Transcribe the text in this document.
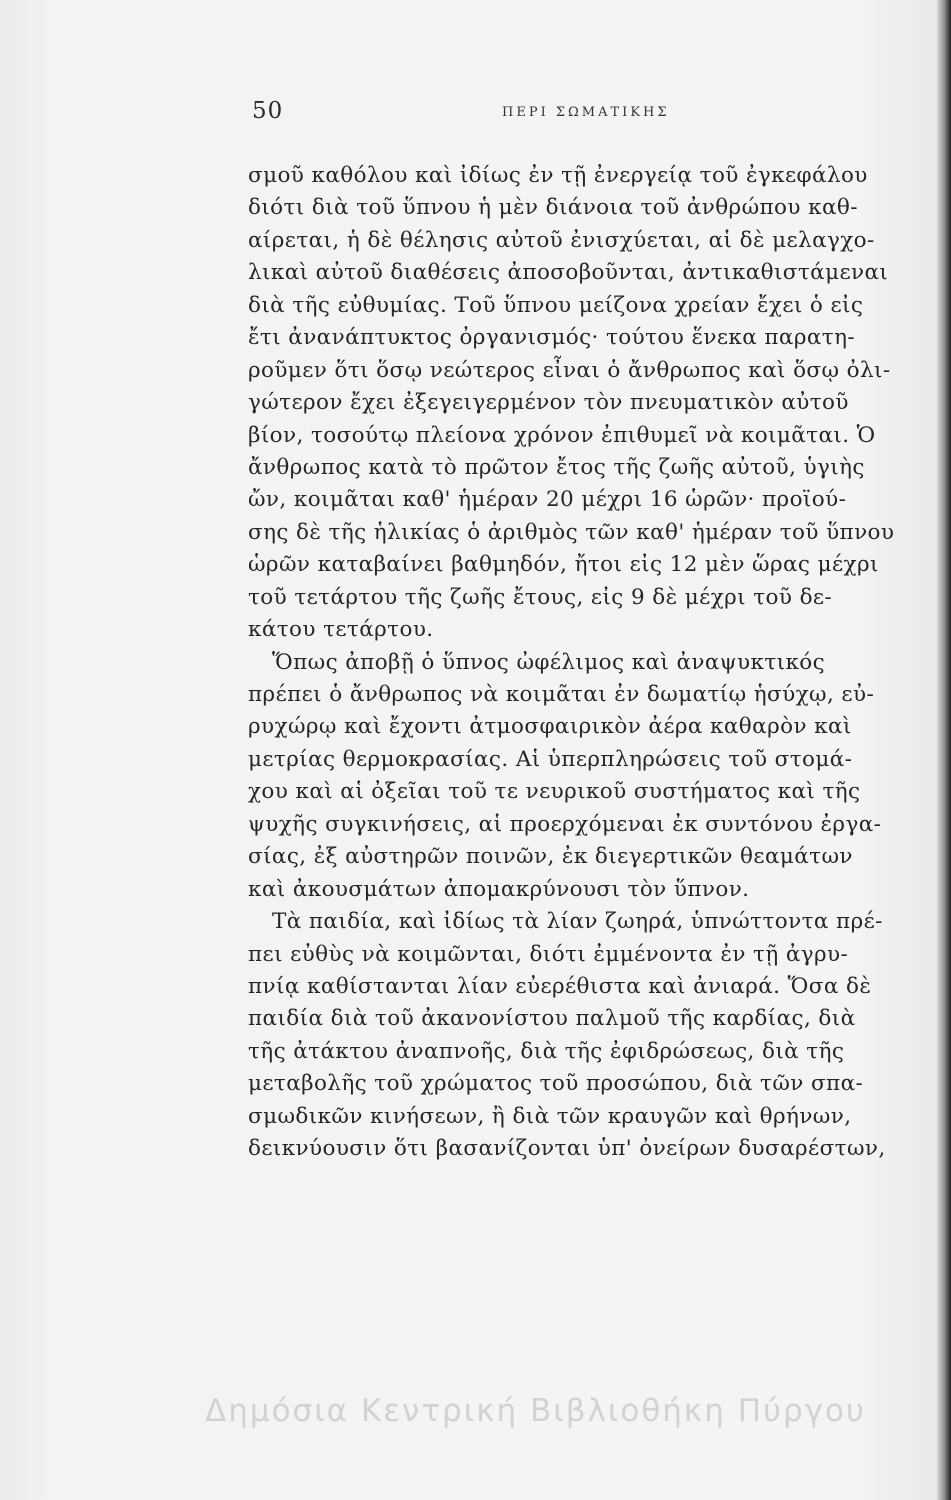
50	ΠΕΡΙ ΣΩΜΑΤΙΚΗΣ
σμοῦ καθόλου καὶ ἰδίως ἐν τῇ ἐνεργείᾳ τοῦ ἐγκεφάλου
διότι διὰ τοῦ ὕπνου ἡ μὲν διάνοια τοῦ ἀνθρώπου καθ-
αίρεται, ἡ δὲ θέλησις αὐτοῦ ἐνισχύεται, αἱ δὲ μελαγχο-
λικαὶ αὐτοῦ διαθέσεις ἀποσοβοῦνται, ἀντικαθιστάμεναι
διὰ τῆς εὐθυμίας. Τοῦ ὕπνου μείζονα χρείαν ἔχει ὁ εἰς
ἔτι ἀνανάπτυκτος ὀργανισμός· τούτου ἕνεκα παρατη-
ροῦμεν ὅτι ὅσῳ νεώτερος εἶναι ὁ ἄνθρωπος καὶ ὅσῳ ὀλι-
γώτερον ἔχει ἐξεγειγερμένον τὸν πνευματικὸν αὐτοῦ
βίον, τοσούτῳ πλείονα χρόνον ἐπιθυμεῖ νὰ κοιμᾶται. Ὁ
ἄνθρωπος κατὰ τὸ πρῶτον ἔτος τῆς ζωῆς αὐτοῦ, ὑγιὴς
ὤν, κοιμᾶται καθ' ἡμέραν 20 μέχρι 16 ὡρῶν· προϊού-
σης δὲ τῆς ἡλικίας ὁ ἀριθμὸς τῶν καθ' ἡμέραν τοῦ ὕπνου
ὡρῶν καταβαίνει βαθμηδόν, ἤτοι εἰς 12 μὲν ὥρας μέχρι
τοῦ τετάρτου τῆς ζωῆς ἔτους, εἰς 9 δὲ μέχρι τοῦ δε-
κάτου τετάρτου.
Ὅπως ἀποβῇ ὁ ὕπνος ὠφέλιμος καὶ ἀναψυκτικός
πρέπει ὁ ἄνθρωπος νὰ κοιμᾶται ἐν δωματίῳ ἡσύχῳ, εὐ-
ρυχώρῳ καὶ ἔχοντι ἀτμοσφαιρικὸν ἀέρα καθαρὸν καὶ
μετρίας θερμοκρασίας. Αἱ ὑπερπληρώσεις τοῦ στομά-
χου καὶ αἱ ὀξεῖαι τοῦ τε νευρικοῦ συστήματος καὶ τῆς
ψυχῆς συγκινήσεις, αἱ προερχόμεναι ἐκ συντόνου ἐργα-
σίας, ἐξ αὐστηρῶν ποινῶν, ἐκ διεγερτικῶν θεαμάτων
καὶ ἀκουσμάτων ἀπομακρύνουσι τὸν ὕπνον.
Τὰ παιδία, καὶ ἰδίως τὰ λίαν ζωηρά, ὑπνώττοντα πρέ-
πει εὐθὺς νὰ κοιμῶνται, διότι ἐμμένοντα ἐν τῇ ἀγρυ-
πνίᾳ καθίστανται λίαν εὐερέθιστα καὶ ἀνιαρά. Ὅσα δὲ
παιδία διὰ τοῦ ἀκανονίστου παλμοῦ τῆς καρδίας, διὰ
τῆς ἀτάκτου ἀναπνοῆς, διὰ τῆς ἐφιδρώσεως, διὰ τῆς
μεταβολῆς τοῦ χρώματος τοῦ προσώπου, διὰ τῶν σπα-
σμωδικῶν κινήσεων, ἢ διὰ τῶν κραυγῶν καὶ θρήνων,
δεικνύουσιν ὅτι βασανίζονται ὑπ' ὀνείρων δυσαρέστων,
Δημόσια Κεντρική Βιβλιοθήκη Πύργου
